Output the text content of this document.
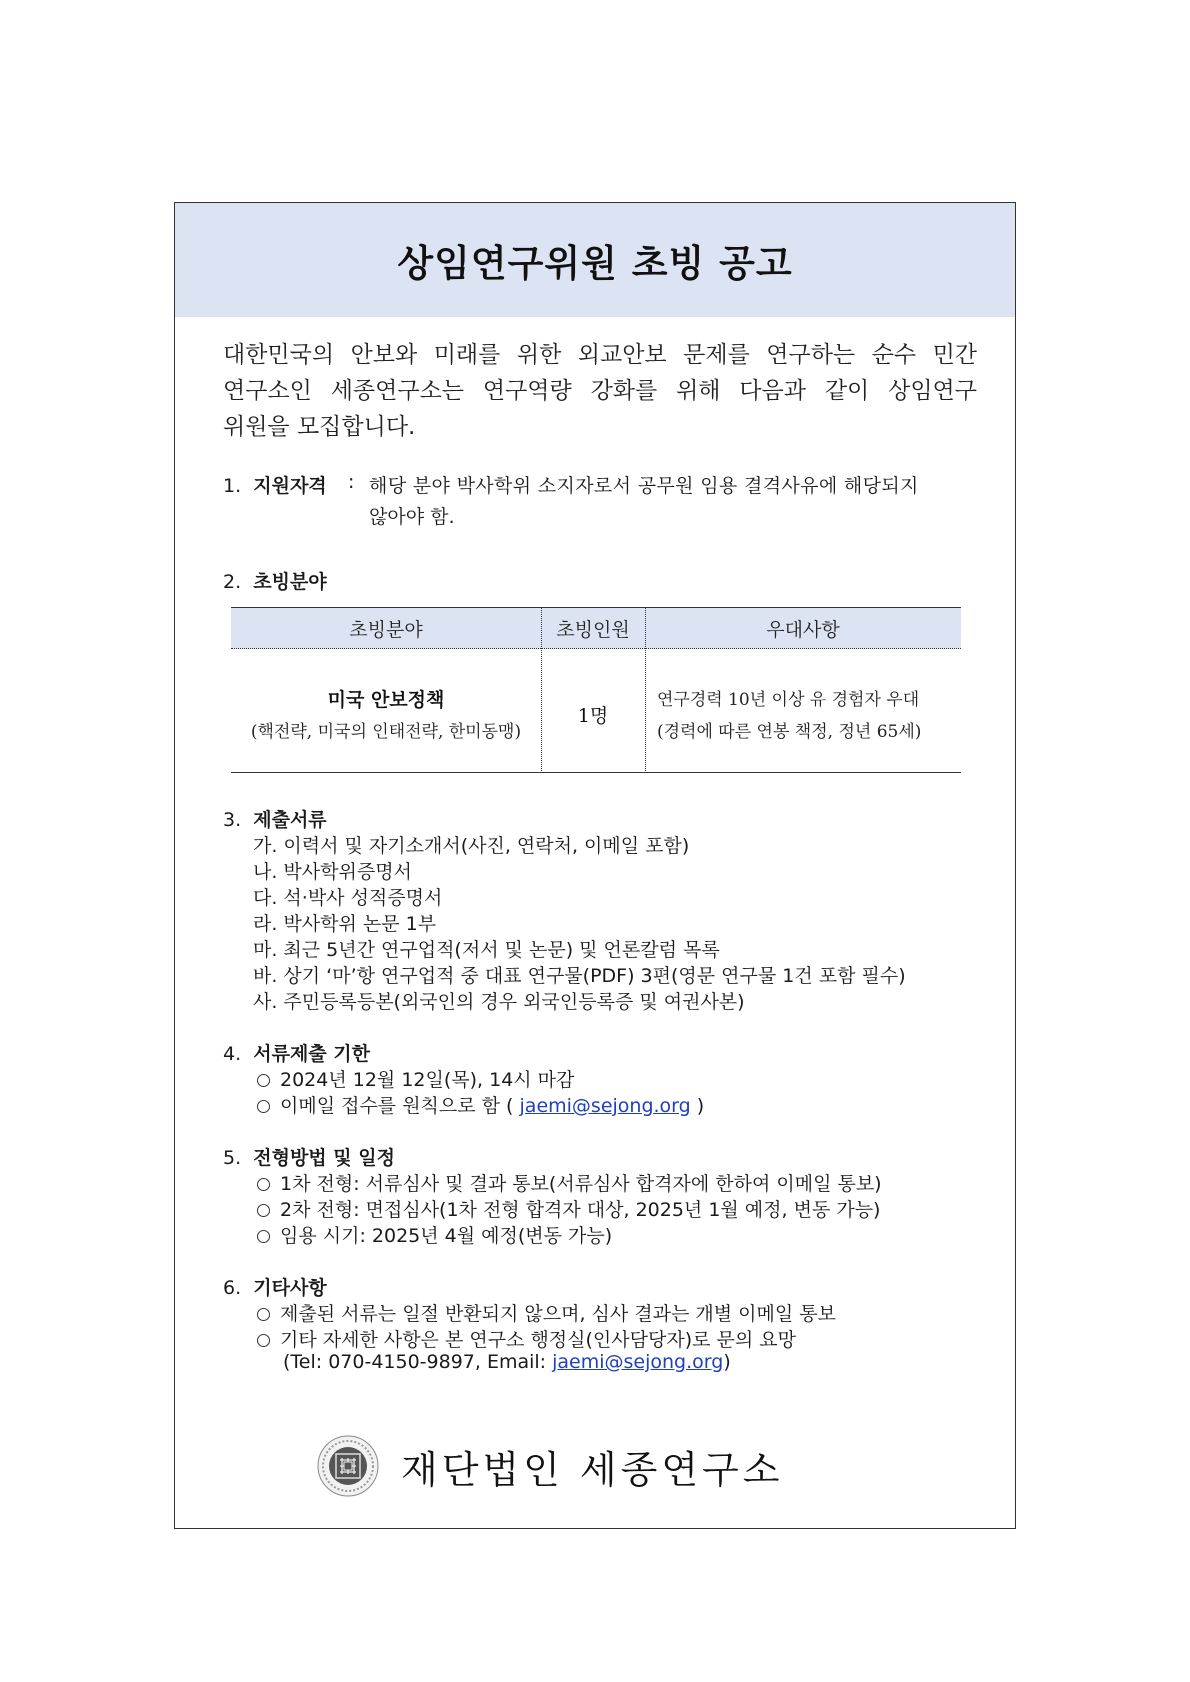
상임연구위원 초빙 공고
대한민국의 안보와 미래를 위한 외교안보 문제를 연구하는 순수 민간
연구소인 세종연구소는 연구역량 강화를 위해 다음과 같이 상임연구
위원을 모집합니다.
1. 지원자격 : 해당 분야 박사학위 소지자로서 공무원 임용 결격사유에 해당되지
않아야 함.
2. 초빙분야
초빙분야	초빙인원	우대사항
미국 안보정책
(핵전략, 미국의 인태전략, 한미동맹)
1명
연구경력 10년 이상 유 경험자 우대
(경력에 따른 연봉 책정, 정년 65세)
3. 제출서류
가. 이력서 및 자기소개서(사진, 연락처, 이메일 포함)
나. 박사학위증명서
다. 석·박사 성적증명서
라. 박사학위 논문 1부
마. 최근 5년간 연구업적(저서 및 논문) 및 언론칼럼 목록
바. 상기 ‘마’항 연구업적 중 대표 연구물(PDF) 3편(영문 연구물 1건 포함 필수)
사. 주민등록등본(외국인의 경우 외국인등록증 및 여권사본)
4. 서류제출 기한
2024년 12월 12일(목), 14시 마감
이메일 접수를 원칙으로 함 ( jaemi@sejong.org )
5. 전형방법 및 일정
1차 전형: 서류심사 및 결과 통보(서류심사 합격자에 한하여 이메일 통보)
2차 전형: 면접심사(1차 전형 합격자 대상, 2025년 1월 예정, 변동 가능)
임용 시기: 2025년 4월 예정(변동 가능)
6. 기타사항
제출된 서류는 일절 반환되지 않으며, 심사 결과는 개별 이메일 통보
기타 자세한 사항은 본 연구소 행정실(인사담당자)로 문의 요망
(Tel: 070-4150-9897, Email: jaemi@sejong.org)
재단법인 세종연구소
